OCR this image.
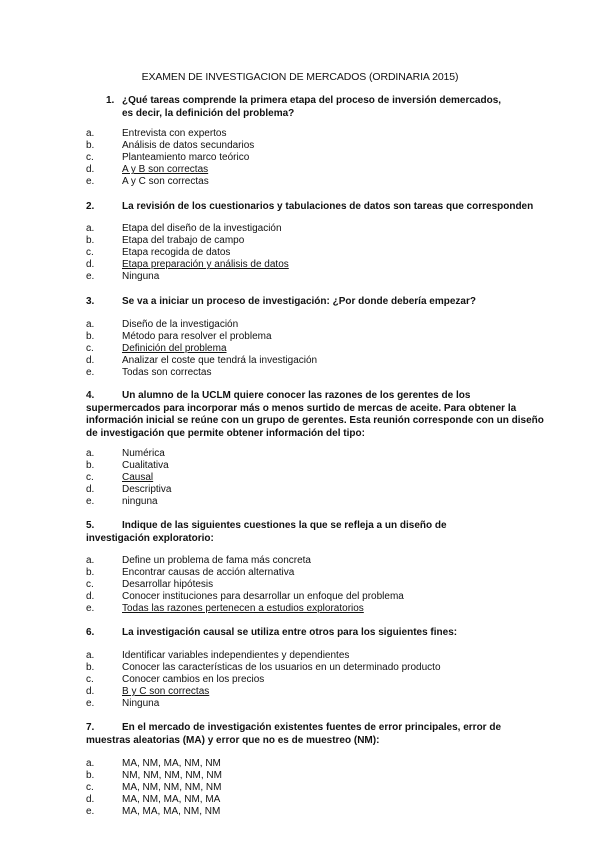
EXAMEN DE INVESTIGACION DE MERCADOS (ORDINARIA 2015)
1. ¿Qué tareas comprende la primera etapa del proceso de inversión demercados,
es decir, la definición del problema?
a.	Entrevista con expertos
b.	Análisis de datos secundarios
c.	Planteamiento marco teórico
d.	A y B son correctas
e.	A y C son correctas
2.	La revisión de los cuestionarios y tabulaciones de datos son tareas que corresponden
a.	Etapa del diseño de la investigación
b.	Etapa del trabajo de campo
c.	Etapa recogida de datos
d.	Etapa preparación y análisis de datos
e.	Ninguna
3.	Se va a iniciar un proceso de investigación: ¿Por donde debería empezar?
a.	Diseño de la investigación
b.	Método para resolver el problema
c.	Definición del problema
d.	Analizar el coste que tendrá la investigación
e.	Todas son correctas
4.	Un alumno de la UCLM quiere conocer las razones de los gerentes de los supermercados para incorporar más o menos surtido de mercas de aceite. Para obtener la información inicial se reúne con un grupo de gerentes. Esta reunión corresponde con un diseño de investigación que permite obtener información del tipo:
a.	Numérica
b.	Cualitativa
c.	Causal
d.	Descriptiva
e.	ninguna
5.	Indique de las siguientes cuestiones la que se refleja a un diseño de investigación exploratorio:
a.	Define un problema de fama más concreta
b.	Encontrar causas de acción alternativa
c.	Desarrollar hipótesis
d.	Conocer instituciones para desarrollar un enfoque del problema
e.	Todas las razones pertenecen a estudios exploratorios
6.	La investigación causal se utiliza entre otros para los siguientes fines:
a.	Identificar variables independientes y dependientes
b.	Conocer las características de los usuarios en un determinado producto
c.	Conocer cambios en los precios
d.	B y C son correctas
e.	Ninguna
7.	En el mercado de investigación existentes fuentes de error principales, error de muestras aleatorias (MA) y error que no es de muestreo (NM):
a.	MA, NM, MA, NM, NM
b.	NM, NM, NM, NM, NM
c.	MA, NM, NM, NM, NM
d.	MA, NM, MA, NM, MA
e.	MA, MA, MA, NM, NM
